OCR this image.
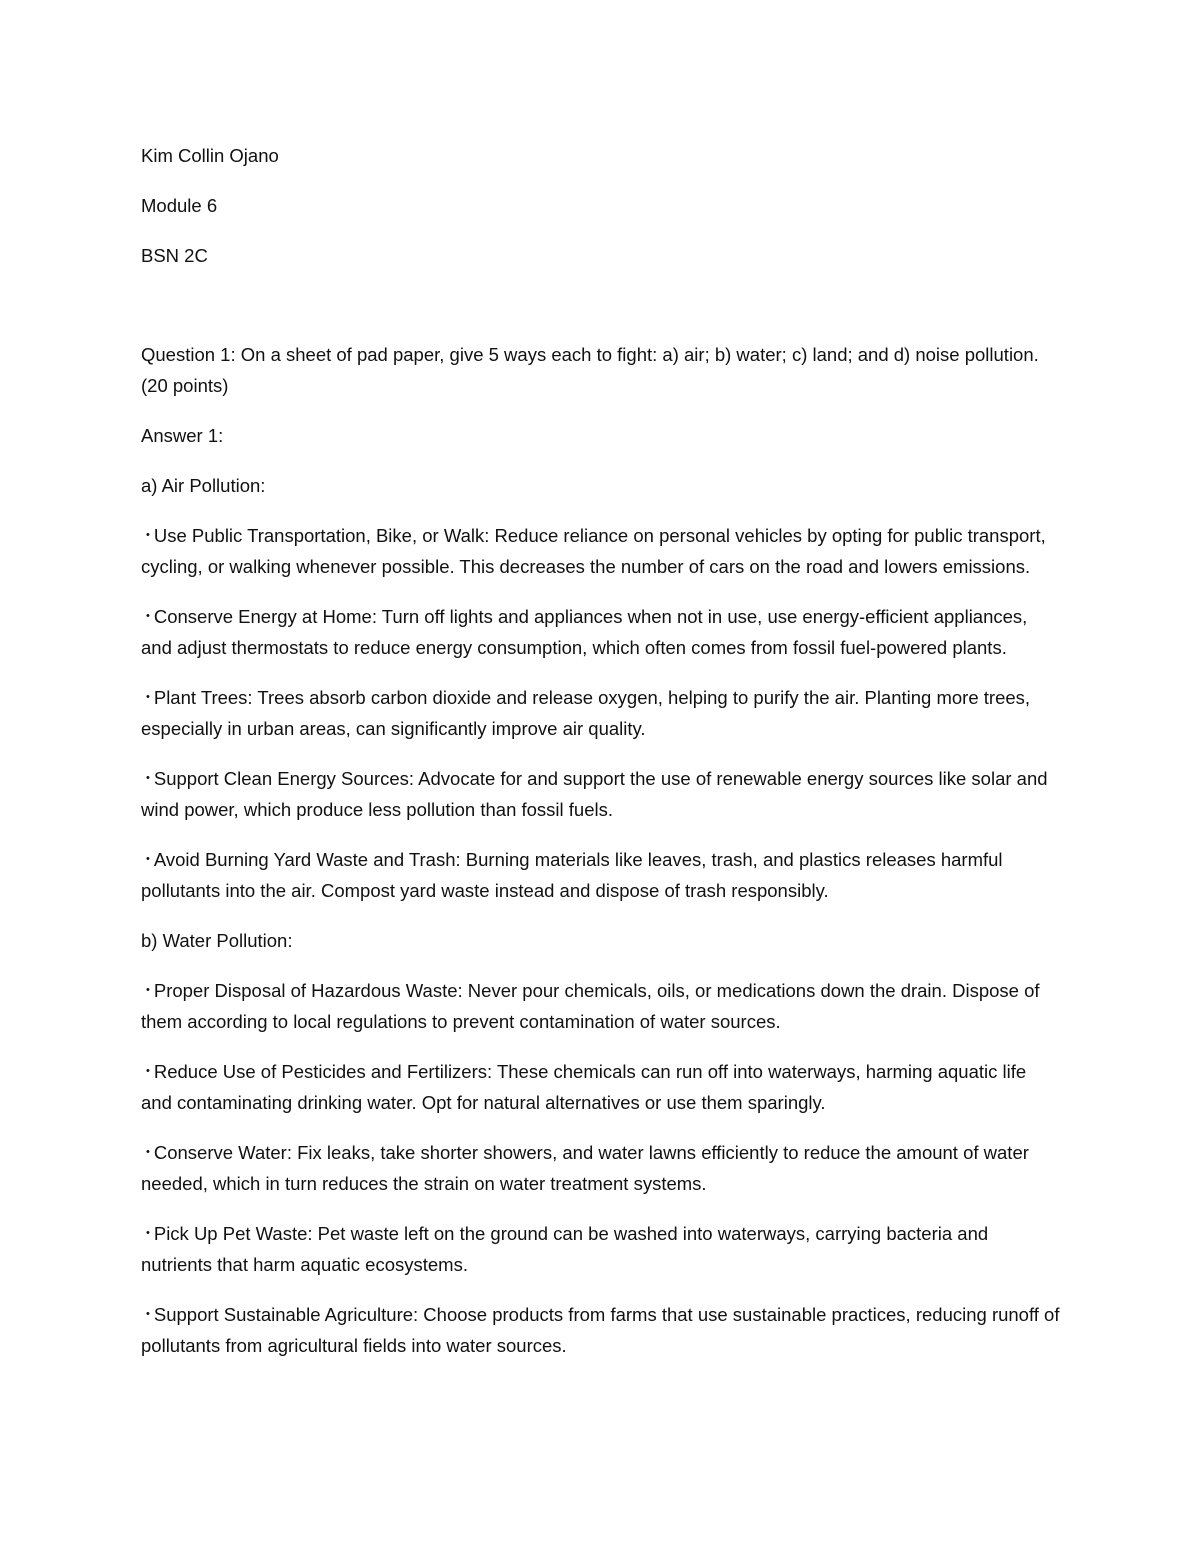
Kim Collin Ojano

Module 6

BSN 2C

Question 1: On a sheet of pad paper, give 5 ways each to fight: a) air; b) water; c) land; and d) noise pollution. (20 points)

Answer 1:

a) Air Pollution:

• Use Public Transportation, Bike, or Walk: Reduce reliance on personal vehicles by opting for public transport, cycling, or walking whenever possible. This decreases the number of cars on the road and lowers emissions.

• Conserve Energy at Home: Turn off lights and appliances when not in use, use energy-efficient appliances, and adjust thermostats to reduce energy consumption, which often comes from fossil fuel-powered plants.

• Plant Trees: Trees absorb carbon dioxide and release oxygen, helping to purify the air. Planting more trees, especially in urban areas, can significantly improve air quality.

• Support Clean Energy Sources: Advocate for and support the use of renewable energy sources like solar and wind power, which produce less pollution than fossil fuels.

• Avoid Burning Yard Waste and Trash: Burning materials like leaves, trash, and plastics releases harmful pollutants into the air. Compost yard waste instead and dispose of trash responsibly.

b) Water Pollution:

• Proper Disposal of Hazardous Waste: Never pour chemicals, oils, or medications down the drain. Dispose of them according to local regulations to prevent contamination of water sources.

• Reduce Use of Pesticides and Fertilizers: These chemicals can run off into waterways, harming aquatic life and contaminating drinking water. Opt for natural alternatives or use them sparingly.

• Conserve Water: Fix leaks, take shorter showers, and water lawns efficiently to reduce the amount of water needed, which in turn reduces the strain on water treatment systems.

• Pick Up Pet Waste: Pet waste left on the ground can be washed into waterways, carrying bacteria and nutrients that harm aquatic ecosystems.

• Support Sustainable Agriculture: Choose products from farms that use sustainable practices, reducing runoff of pollutants from agricultural fields into water sources.
